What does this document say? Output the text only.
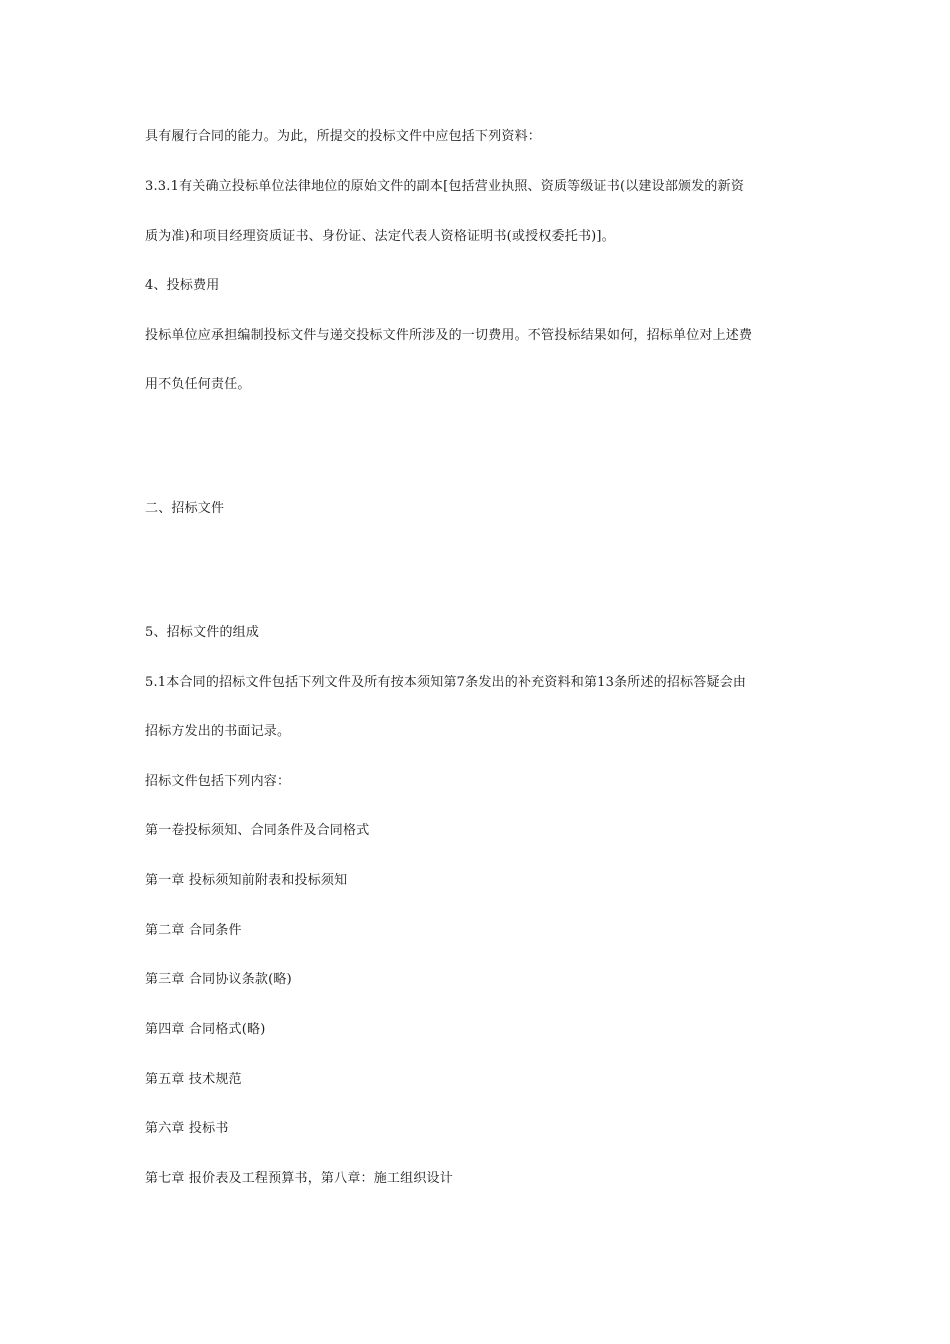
具有履行合同的能力。为此，所提交的投标文件中应包括下列资料：
3.3.1有关确立投标单位法律地位的原始文件的副本[包括营业执照、资质等级证书(以建设部颁发的新资
质为准)和项目经理资质证书、身份证、法定代表人资格证明书(或授权委托书)]。
4、投标费用
投标单位应承担编制投标文件与递交投标文件所涉及的一切费用。不管投标结果如何，招标单位对上述费
用不负任何责任。
二、招标文件
5、招标文件的组成
5.1本合同的招标文件包括下列文件及所有按本须知第7条发出的补充资料和第13条所述的招标答疑会由
招标方发出的书面记录。
招标文件包括下列内容：
第一卷投标须知、合同条件及合同格式
第一章 投标须知前附表和投标须知
第二章 合同条件
第三章 合同协议条款(略)
第四章 合同格式(略)
第五章 技术规范
第六章 投标书
第七章 报价表及工程预算书，第八章：施工组织设计
